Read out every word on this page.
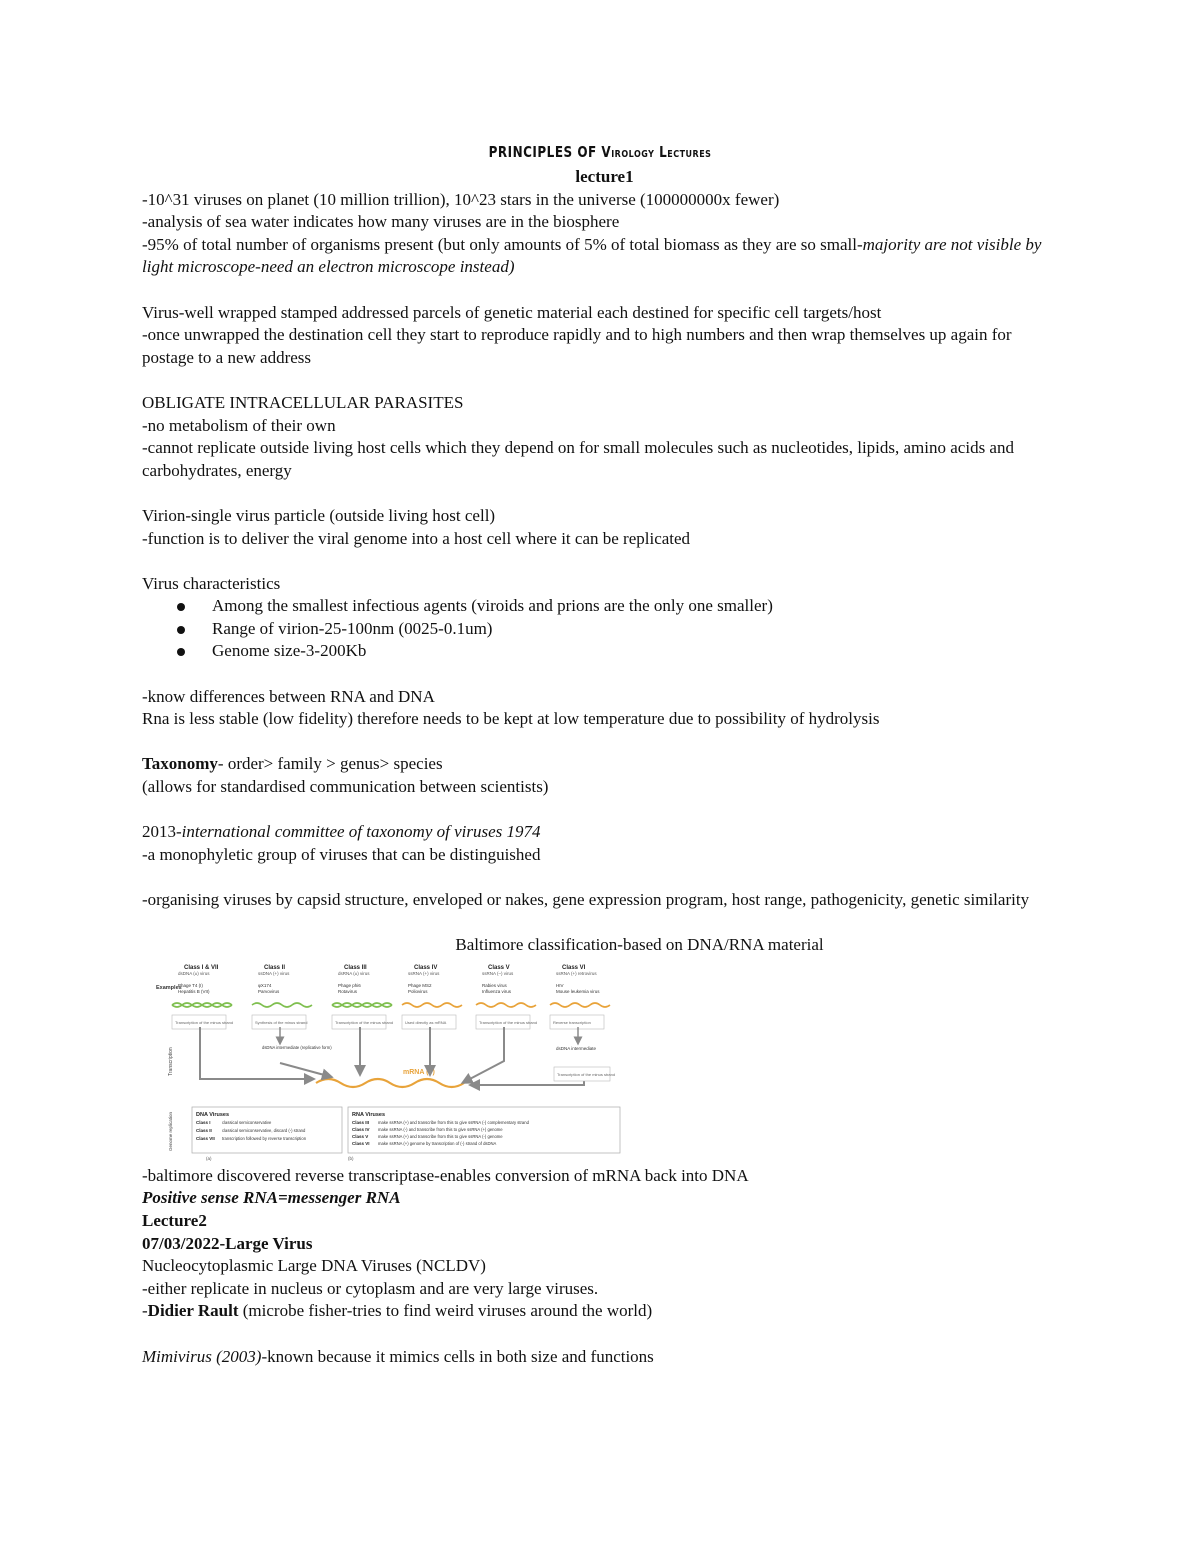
PRINCIPLES OF Virology Lectures

lecture1

-10^31 viruses on planet (10 million trillion), 10^23 stars in the universe (100000000x fewer)

-analysis of sea water indicates how many viruses are in the biosphere

-95% of total number of organisms present (but only amounts of 5% of total biomass as they are so small-majority are not visible by light microscope-need an electron microscope instead)

Virus-well wrapped stamped addressed parcels of genetic material each destined for specific cell targets/host

-once unwrapped the destination cell they start to reproduce rapidly and to high numbers and then wrap themselves up again for postage to a new address

OBLIGATE INTRACELLULAR PARASITES

-no metabolism of their own

-cannot replicate outside living host cells which they depend on for small molecules such as nucleotides, lipids, amino acids and carbohydrates, energy

Virion-single virus particle (outside living host cell)

-function is to deliver the viral genome into a host cell where it can be replicated

Virus characteristics

Among the smallest infectious agents (viroids and prions are the only one smaller)
Range of virion-25-100nm (0025-0.1um)
Genome size-3-200Kb

-know differences between RNA and DNA

Rna is less stable (low fidelity) therefore needs to be kept at low temperature due to possibility of hydrolysis

Taxonomy- order> family > genus> species

(allows for standardised communication between scientists)

2013-international committee of taxonomy of viruses 1974

-a monophyletic group of viruses that can be distinguished

-organising viruses by capsid structure, enveloped or nakes, gene expression program, host range, pathogenicity, genetic similarity

Baltimore classification-based on DNA/RNA material

Examples
Transcription
Genome replication
Class I & VII
dsDNA (±) virus
Phage T4 (I)
Hepatitis B (VII)
Transcription of the minus strand
Class II
ssDNA (+) virus
φX174
Parvovirus
Synthesis of the minus strand
Class III
dsRNA (±) virus
Phage phi6
Rotavirus
Transcription of the minus strand
Class IV
ssRNA (+) virus
Phage MS2
Poliovirus
Used directly as mRNA
Class V
ssRNA (–) virus
Rabies virus
Influenza virus
Transcription of the minus strand
Class VI
ssRNA (+) retrovirus
HIV
Mouse leukemia virus
Reverse transcription
mRNA (+)
dsDNA intermediate
dsDNA intermediate (replicative form)
Transcription of the minus strand
DNA Viruses
Class I	classical semiconservative
Class II classical semiconservative, discard (-) strand
Class VII transcription followed by reverse transcription
RNA Viruses
Class III make ssRNA (+) and transcribe from this to give ssRNA (-) complementary strand
Class IV make ssRNA (-) and transcribe from this to give ssRNA (+) genome
Class V make ssRNA (+) and transcribe from this to give ssRNA (-) genome
Class VI make ssRNA (+) genome by transcription of (-) strand of dsDNA
(a)	(b)

-baltimore discovered reverse transcriptase-enables conversion of mRNA back into DNA

Positive sense RNA=messenger RNA

Lecture2

07/03/2022-Large Virus

Nucleocytoplasmic Large DNA Viruses (NCLDV)

-either replicate in nucleus or cytoplasm and are very large viruses.

-Didier Rault (microbe fisher-tries to find weird viruses around the world)

Mimivirus (2003)-known because it mimics cells in both size and functions
